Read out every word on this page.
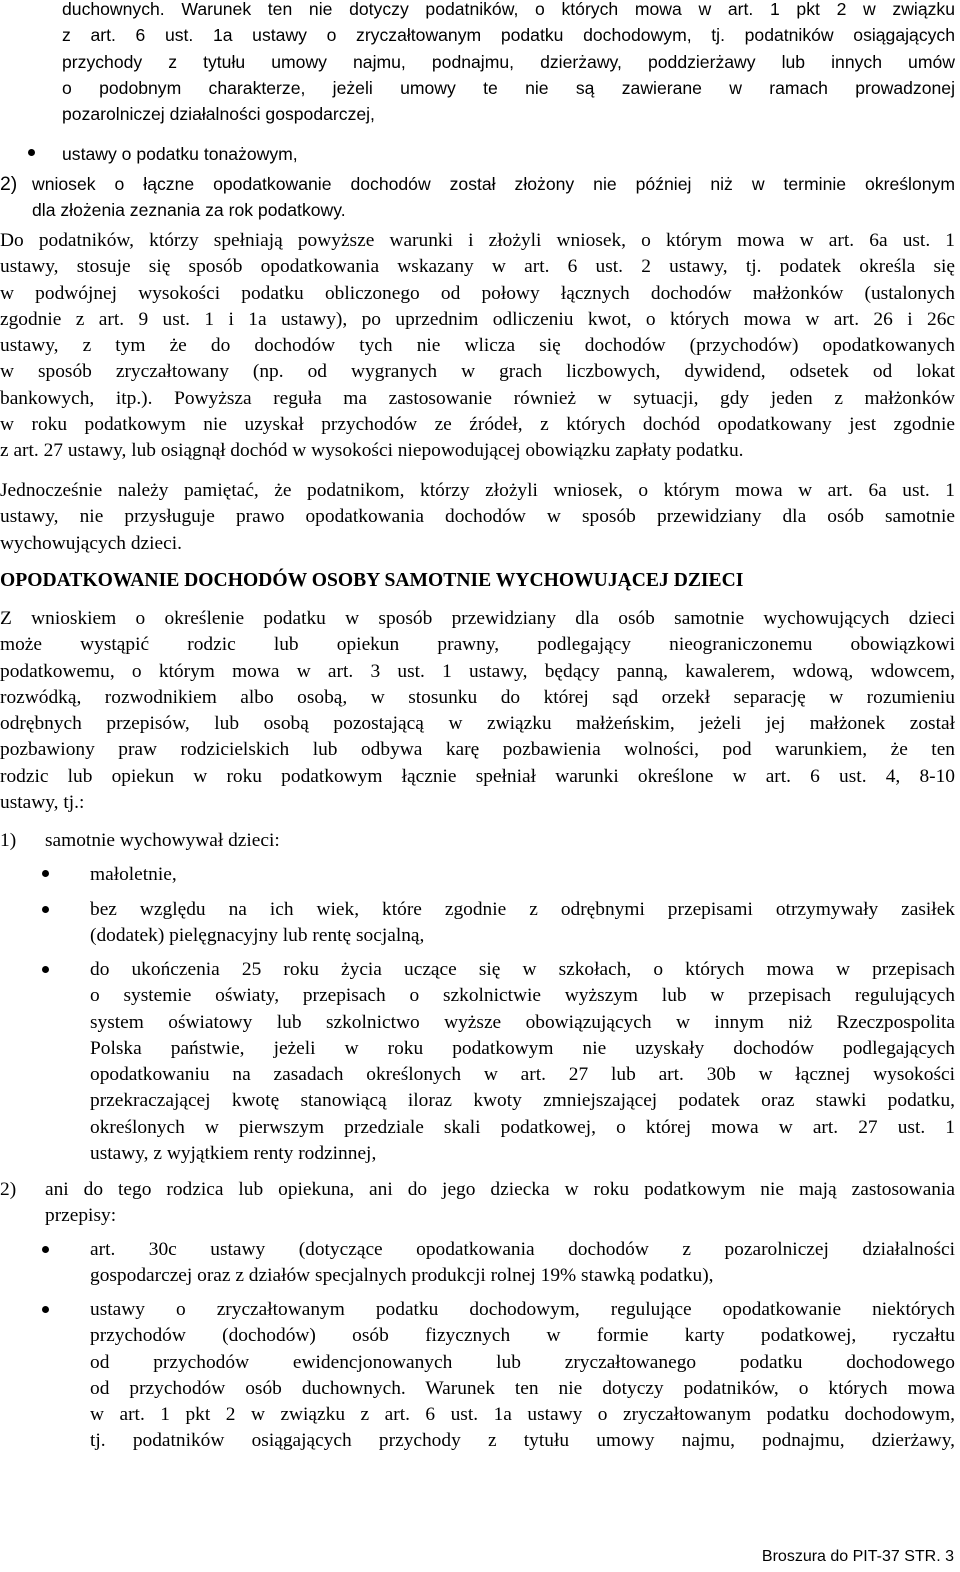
duchownych. Warunek ten nie dotyczy podatników, o których mowa w art. 1 pkt 2 w związku
z art. 6 ust. 1a ustawy o zryczałtowanym podatku dochodowym, tj. podatników osiągających
przychody z tytułu umowy najmu, podnajmu, dzierżawy, poddzierżawy lub innych umów
o podobnym charakterze, jeżeli umowy te nie są zawierane w ramach prowadzonej
pozarolniczej działalności gospodarczej,
ustawy o podatku tonażowym,
2) wniosek o łączne opodatkowanie dochodów został złożony nie później niż w terminie określonym
dla złożenia zeznania za rok podatkowy.
Do podatników, którzy spełniają powyższe warunki i złożyli wniosek, o którym mowa w art. 6a ust. 1
ustawy, stosuje się sposób opodatkowania wskazany w art. 6 ust. 2 ustawy, tj. podatek określa się
w podwójnej wysokości podatku obliczonego od połowy łącznych dochodów małżonków (ustalonych
zgodnie z art. 9 ust. 1 i 1a ustawy), po uprzednim odliczeniu kwot, o których mowa w art. 26 i 26c
ustawy, z tym że do dochodów tych nie wlicza się dochodów (przychodów) opodatkowanych
w sposób zryczałtowany (np. od wygranych w grach liczbowych, dywidend, odsetek od lokat
bankowych, itp.). Powyższa reguła ma zastosowanie również w sytuacji, gdy jeden z małżonków
w roku podatkowym nie uzyskał przychodów ze źródeł, z których dochód opodatkowany jest zgodnie
z art. 27 ustawy, lub osiągnął dochód w wysokości niepowodującej obowiązku zapłaty podatku.
Jednocześnie należy pamiętać, że podatnikom, którzy złożyli wniosek, o którym mowa w art. 6a ust. 1
ustawy, nie przysługuje prawo opodatkowania dochodów w sposób przewidziany dla osób samotnie
wychowujących dzieci.
OPODATKOWANIE DOCHODÓW OSOBY SAMOTNIE WYCHOWUJĄCEJ DZIECI
Z wnioskiem o określenie podatku w sposób przewidziany dla osób samotnie wychowujących dzieci
może wystąpić rodzic lub opiekun prawny, podlegający nieograniczonemu obowiązkowi
podatkowemu, o którym mowa w art. 3 ust. 1 ustawy, będący panną, kawalerem, wdową, wdowcem,
rozwódką, rozwodnikiem albo osobą, w stosunku do której sąd orzekł separację w rozumieniu
odrębnych przepisów, lub osobą pozostającą w związku małżeńskim, jeżeli jej małżonek został
pozbawiony praw rodzicielskich lub odbywa karę pozbawienia wolności, pod warunkiem, że ten
rodzic lub opiekun w roku podatkowym łącznie spełniał warunki określone w art. 6 ust. 4, 8-10
ustawy, tj.:
1) samotnie wychowywał dzieci:
małoletnie,
bez względu na ich wiek, które zgodnie z odrębnymi przepisami otrzymywały zasiłek
(dodatek) pielęgnacyjny lub rentę socjalną,
do ukończenia 25 roku życia uczące się w szkołach, o których mowa w przepisach
o systemie oświaty, przepisach o szkolnictwie wyższym lub w przepisach regulujących
system oświatowy lub szkolnictwo wyższe obowiązujących w innym niż Rzeczpospolita
Polska państwie, jeżeli w roku podatkowym nie uzyskały dochodów podlegających
opodatkowaniu na zasadach określonych w art. 27 lub art. 30b w łącznej wysokości
przekraczającej kwotę stanowiącą iloraz kwoty zmniejszającej podatek oraz stawki podatku,
określonych w pierwszym przedziale skali podatkowej, o której mowa w art. 27 ust. 1
ustawy, z wyjątkiem renty rodzinnej,
2) ani do tego rodzica lub opiekuna, ani do jego dziecka w roku podatkowym nie mają zastosowania
przepisy:
art. 30c ustawy (dotyczące opodatkowania dochodów z pozarolniczej działalności
gospodarczej oraz z działów specjalnych produkcji rolnej 19% stawką podatku),
ustawy o zryczałtowanym podatku dochodowym, regulujące opodatkowanie niektórych
przychodów (dochodów) osób fizycznych w formie karty podatkowej, ryczałtu
od przychodów ewidencjonowanych lub zryczałtowanego podatku dochodowego
od przychodów osób duchownych. Warunek ten nie dotyczy podatników, o których mowa
w art. 1 pkt 2 w związku z art. 6 ust. 1a ustawy o zryczałtowanym podatku dochodowym,
tj. podatników osiągających przychody z tytułu umowy najmu, podnajmu, dzierżawy,
Broszura do PIT-37 STR. 3
